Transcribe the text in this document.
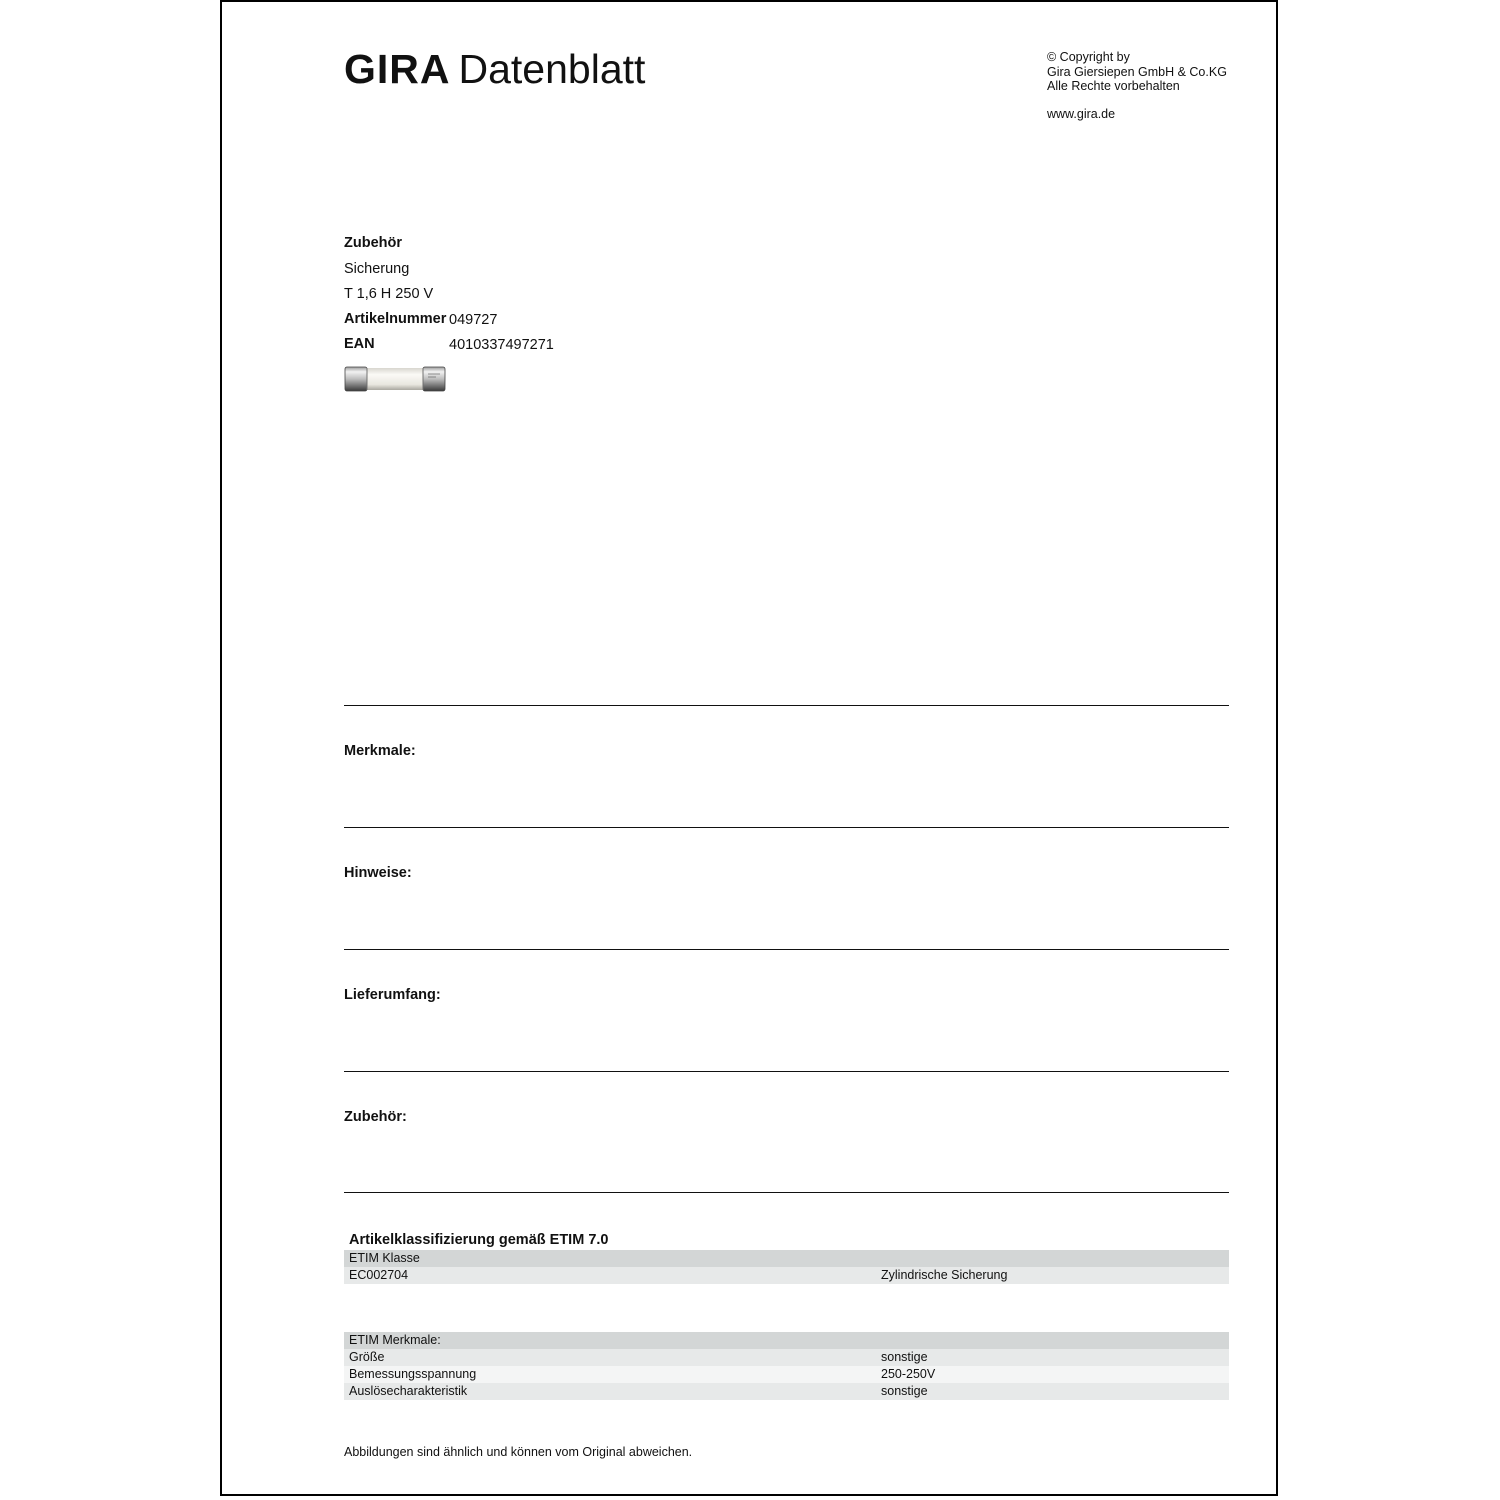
GIRA Datenblatt	© Copyright by
Gira Giersiepen GmbH & Co.KG
Alle Rechte vorbehalten
www.gira.de
Zubehör
Sicherung
T 1,6 H 250 V
Artikelnummer 049727
EAN	4010337497271
Merkmale:
Hinweise:
Lieferumfang:
Zubehör:
Artikelklassifizierung gemäß ETIM 7.0
ETIM Klasse
EC002704	Zylindrische Sicherung
ETIM Merkmale:
Größe	sonstige
Bemessungsspannung	250-250V
Auslösecharakteristik	sonstige
Abbildungen sind ähnlich und können vom Original abweichen.
